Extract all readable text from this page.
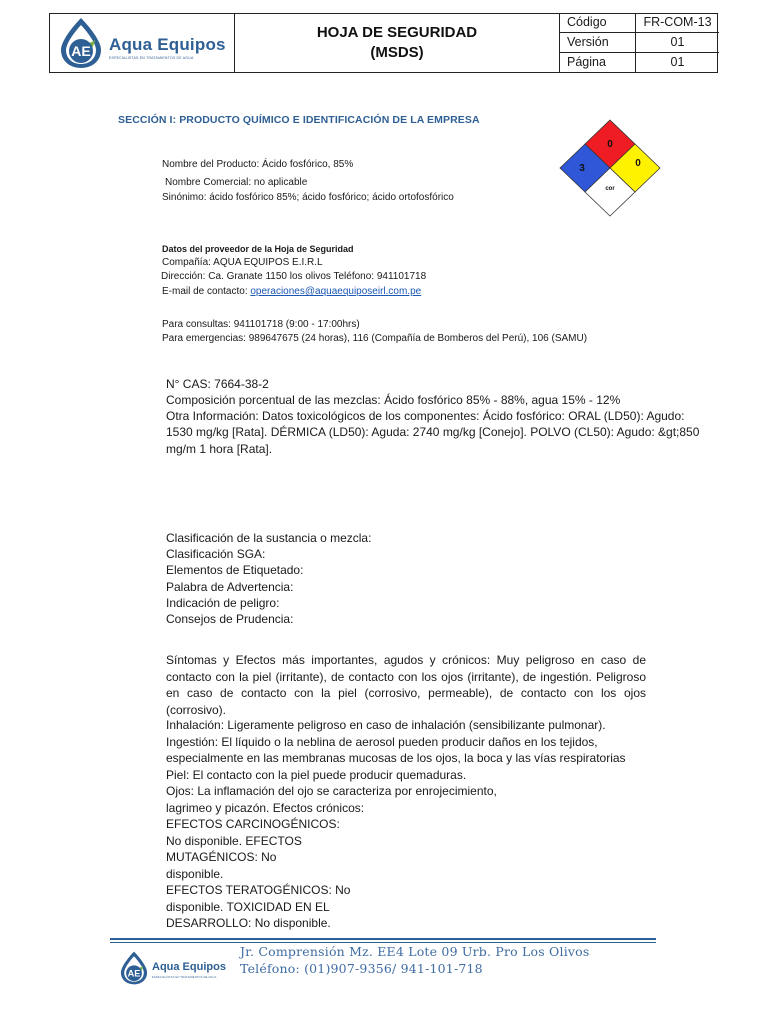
AE Aqua Equipos
ESPECIALISTAS EN TRATAMIENTOS DE AGUA
HOJA DE SEGURIDAD
(MSDS)
Código	FR-COM-13
Versión	01
Página	01
SECCIÓN I: PRODUCTO QUÍMICO E IDENTIFICACIÓN DE LA EMPRESA
Nombre del Producto: Ácido fosfórico, 85%
Nombre Comercial: no aplicable
Sinónimo: ácido fosfórico 85%; ácido fosfórico; ácido ortofosfórico
0
3	0
cor
Datos del proveedor de la Hoja de Seguridad
Compañía: AQUA EQUIPOS E.I.R.L
Dirección: Ca. Granate 1150 los olivos Teléfono: 941101718
E-mail de contacto: operaciones@aquaequiposeirl.com.pe
Para consultas: 941101718 (9:00 - 17:00hrs)
Para emergencias: 989647675 (24 horas), 116 (Compañía de Bomberos del Perú), 106 (SAMU)
N° CAS: 7664-38-2
Composición porcentual de las mezclas: Ácido fosfórico 85% - 88%, agua 15% - 12%
Otra Información: Datos toxicológicos de los componentes: Ácido fosfórico: ORAL (LD50): Agudo:
1530 mg/kg [Rata]. DÉRMICA (LD50): Aguda: 2740 mg/kg [Conejo]. POLVO (CL50): Agudo: &gt;850
mg/m 1 hora [Rata].
Clasificación de la sustancia o mezcla:
Clasificación SGA:
Elementos de Etiquetado:
Palabra de Advertencia:
Indicación de peligro:
Consejos de Prudencia:
Síntomas y Efectos más importantes, agudos y crónicos: Muy peligroso en caso de contacto con la piel (irritante), de contacto con los ojos (irritante), de ingestión. Peligroso en caso de contacto con la piel (corrosivo, permeable), de contacto con los ojos (corrosivo).
Inhalación: Ligeramente peligroso en caso de inhalación (sensibilizante pulmonar).
Ingestión: El líquido o la neblina de aerosol pueden producir daños en los tejidos,
especialmente en las membranas mucosas de los ojos, la boca y las vías respiratorias
Piel: El contacto con la piel puede producir quemaduras.
Ojos: La inflamación del ojo se caracteriza por enrojecimiento,
lagrimeo y picazón. Efectos crónicos:
EFECTOS CARCINOGÉNICOS:
No disponible. EFECTOS
MUTAGÉNICOS: No
disponible.
EFECTOS TERATOGÉNICOS: No
disponible. TOXICIDAD EN EL
DESARROLLO: No disponible.
AE
Aqua Equipos
ESPECIALISTAS EN TRATAMIENTOS DE AGUA
Jr. Comprensión Mz. EE4 Lote 09 Urb. Pro Los Olivos
Teléfono: (01)907-9356/ 941-101-718
